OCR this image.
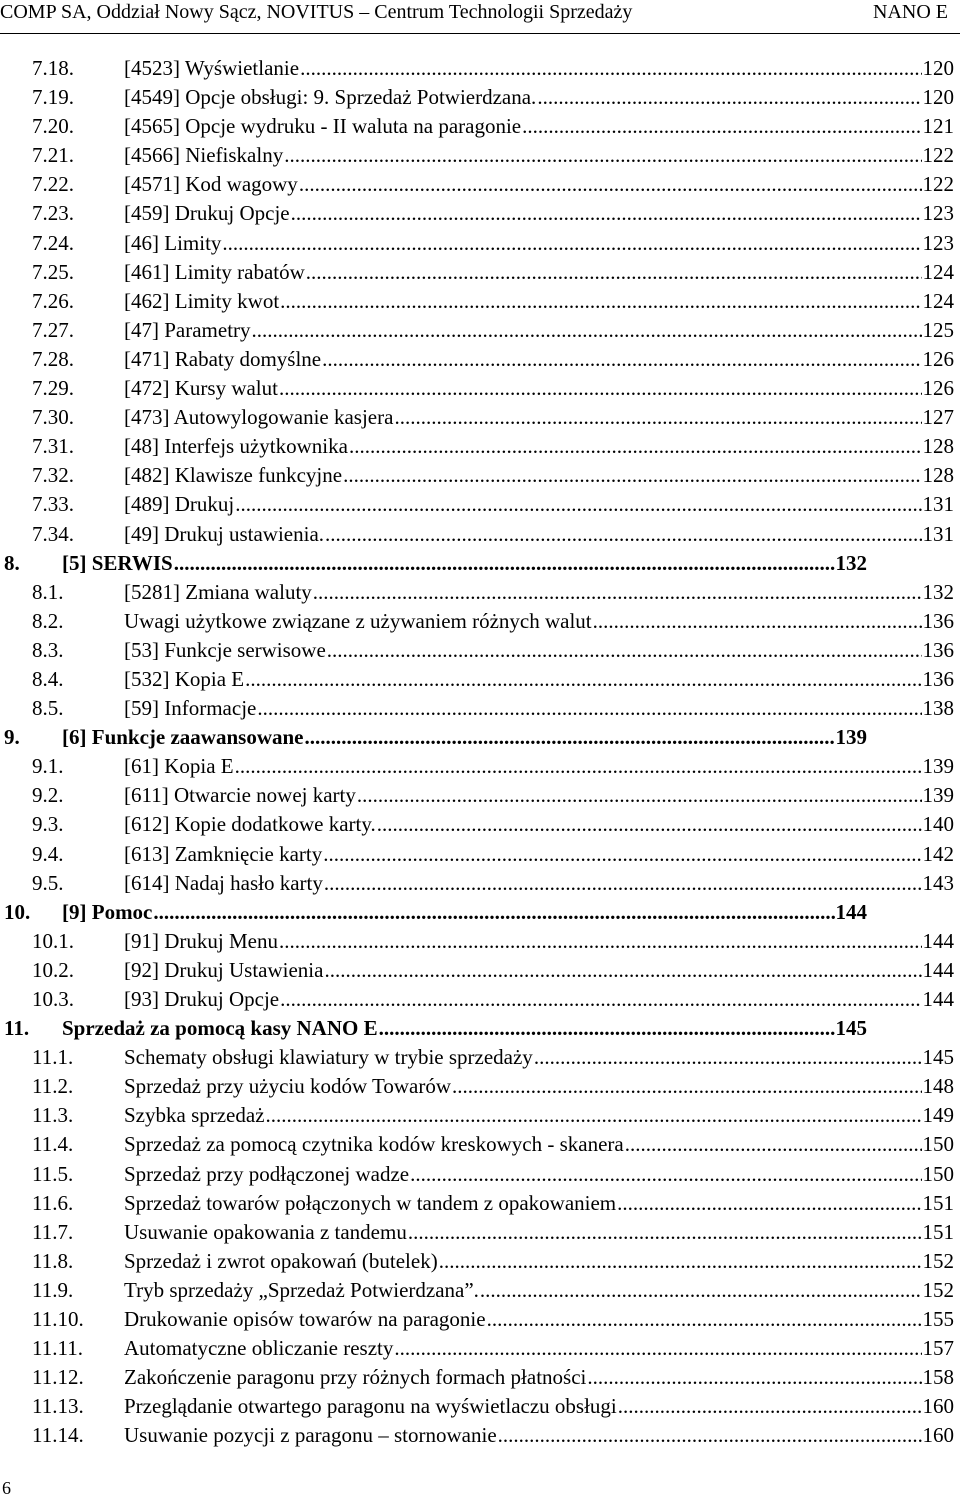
COMP SA, Oddział Nowy Sącz, NOVITUS – Centrum Technologii Sprzedaży	NANO E
7.18. [4523] Wyświetlanie .....	120
7.19. [4549] Opcje obsługi: 9. Sprzedaż Potwierdzana. .....	120
7.20. [4565] Opcje wydruku - II waluta na paragonie .....	121
7.21. [4566] Niefiskalny .....	122
7.22. [4571] Kod wagowy .....	122
7.23. [459] Drukuj Opcje .....	123
7.24. [46] Limity .....	123
7.25. [461] Limity rabatów .....	124
7.26. [462] Limity kwot .....	124
7.27. [47] Parametry .....	125
7.28. [471] Rabaty domyślne .....	126
7.29. [472] Kursy walut .....	126
7.30. [473] Autowylogowanie kasjera .....	127
7.31. [48] Interfejs użytkownika .....	128
7.32. [482] Klawisze funkcyjne .....	128
7.33. [489] Drukuj .....	131
7.34. [49] Drukuj ustawienia. .....	131
8. [5] SERWIS .....	132
8.1.	[5281] Zmiana waluty .....	132
8.2.	Uwagi użytkowe związane z używaniem różnych walut .....	136
8.3.	[53] Funkcje serwisowe .....	136
8.4.	[532] Kopia E .....	136
8.5.	[59] Informacje .....	138
9. [6] Funkcje zaawansowane .....	139
9.1.	[61] Kopia E .....	139
9.2.	[611] Otwarcie nowej karty .....	139
9.3.	[612] Kopie dodatkowe karty. .....	140
9.4.	[613] Zamknięcie karty .....	142
9.5.	[614] Nadaj hasło karty .....	143
10. [9] Pomoc .....	144
10.1. [91] Drukuj Menu .....	144
10.2. [92] Drukuj Ustawienia .....	144
10.3. [93] Drukuj Opcje .....	144
11. Sprzedaż za pomocą kasy NANO E .....	145
11.1. Schematy obsługi klawiatury w trybie sprzedaży .....	145
11.2. Sprzedaż przy użyciu kodów Towarów .....	148
11.3. Szybka sprzedaż .....	149
11.4. Sprzedaż za pomocą czytnika kodów kreskowych - skanera .....	150
11.5. Sprzedaż przy podłączonej wadze .....	150
11.6. Sprzedaż towarów połączonych w tandem z opakowaniem .....	151
11.7. Usuwanie opakowania z tandemu .....	151
11.8. Sprzedaż i zwrot opakowań (butelek) .....	152
11.9. Tryb sprzedaży „Sprzedaż Potwierdzana”. .....	152
11.10. Drukowanie opisów towarów na paragonie .....	155
11.11. Automatyczne obliczanie reszty .....	157
11.12. Zakończenie paragonu przy różnych formach płatności .....	158
11.13. Przeglądanie otwartego paragonu na wyświetlaczu obsługi .....	160
11.14. Usuwanie pozycji z paragonu – stornowanie .....	160
6
